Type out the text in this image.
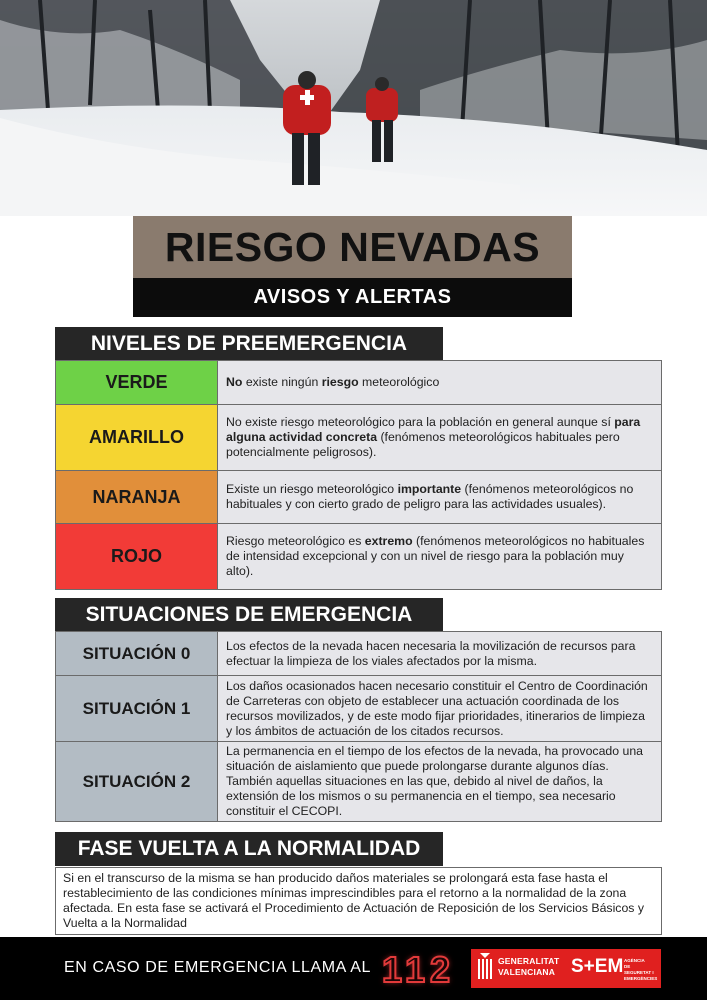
RIESGO NEVADAS
AVISOS Y ALERTAS
NIVELES DE PREEMERGENCIA
VERDE	No existe ningún riesgo meteorológico
AMARILLO	No existe riesgo meteorológico para la población en general aunque sí para alguna actividad concreta (fenómenos meteorológicos habituales pero potencialmente peligrosos).
NARANJA	Existe un riesgo meteorológico importante (fenómenos meteorológicos no habituales y con cierto grado de peligro para las actividades usuales).
ROJO	Riesgo meteorológico es extremo (fenómenos meteorológicos no habituales de intensidad excepcional y con un nivel de riesgo para la población muy alto).
SITUACIONES DE EMERGENCIA
SITUACIÓN 0	Los efectos de la nevada hacen necesaria la movilización de recursos para efectuar la limpieza de los viales afectados por la misma.
SITUACIÓN 1	Los daños ocasionados hacen necesario constituir el Centro de Coordinación de Carreteras con objeto de establecer una actuación coordinada de los recursos movilizados, y de este modo fijar prioridades, itinerarios de limpieza y los ámbitos de actuación de los citados recursos.
SITUACIÓN 2	La permanencia en el tiempo de los efectos de la nevada, ha provocado una situación de aislamiento que puede prolongarse durante algunos días. También aquellas situaciones en las que, debido al nivel de daños, la extensión de los mismos o su permanencia en el tiempo, sea necesario constituir el CECOPI.
FASE VUELTA A LA NORMALIDAD
Si en el transcurso de la misma se han producido daños materiales se prolongará esta fase hasta el restablecimiento de las condiciones mínimas imprescindibles para el retorno a la normalidad de la zona afectada. En esta fase se activará el Procedimiento de Actuación de Reposición de los Servicios Básicos y Vuelta a la Normalidad
EN CASO DE EMERGENCIA LLAMA AL 112	GENERALITAT
VALENCIANA S+EM AGÈNCIA
DE SEGURETAT I
EMERGÈNCIES
